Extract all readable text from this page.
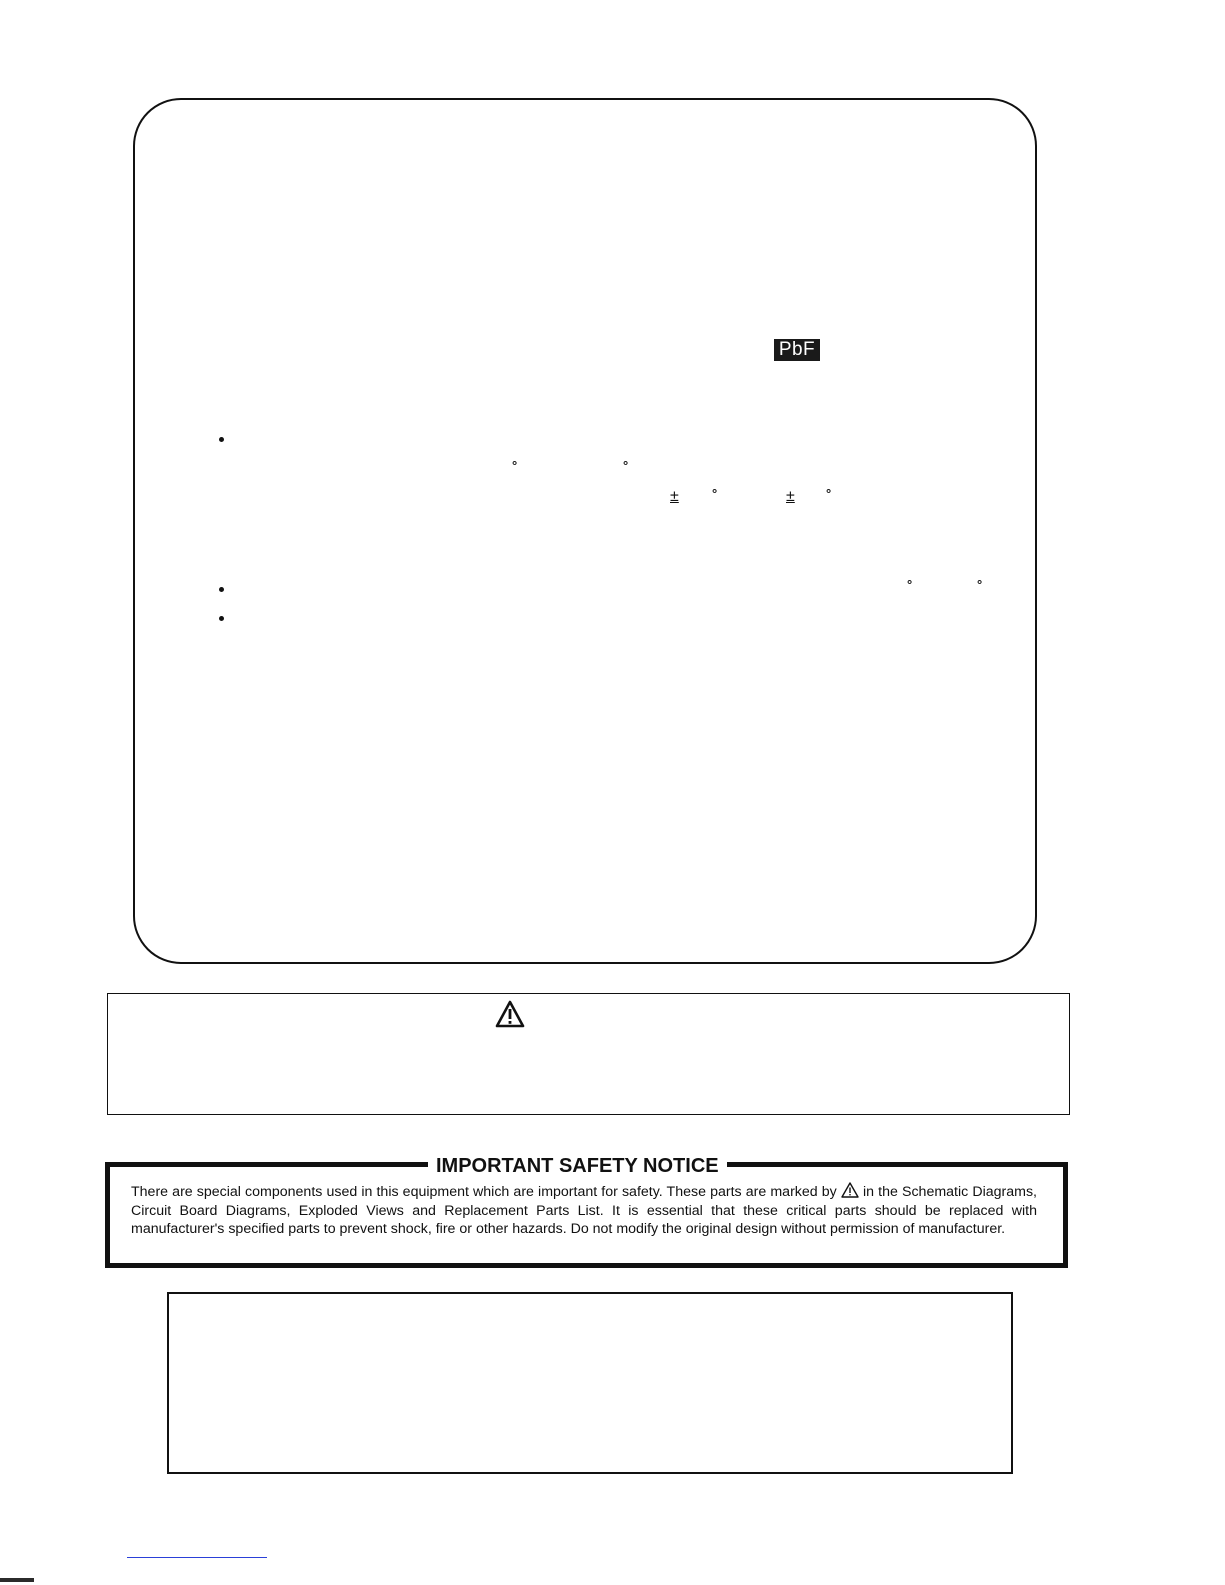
PbF
°	°
±	°	± °
°	°
IMPORTANT SAFETY NOTICE
There are special components used in this equipment which are important for safety. These parts are marked by in the Schematic Diagrams, Circuit Board Diagrams, Exploded Views and Replacement Parts List. It is essential that these critical parts should be replaced with manufacturer's specified parts to prevent shock, fire or other hazards. Do not modify the original design without permission of manufacturer.
